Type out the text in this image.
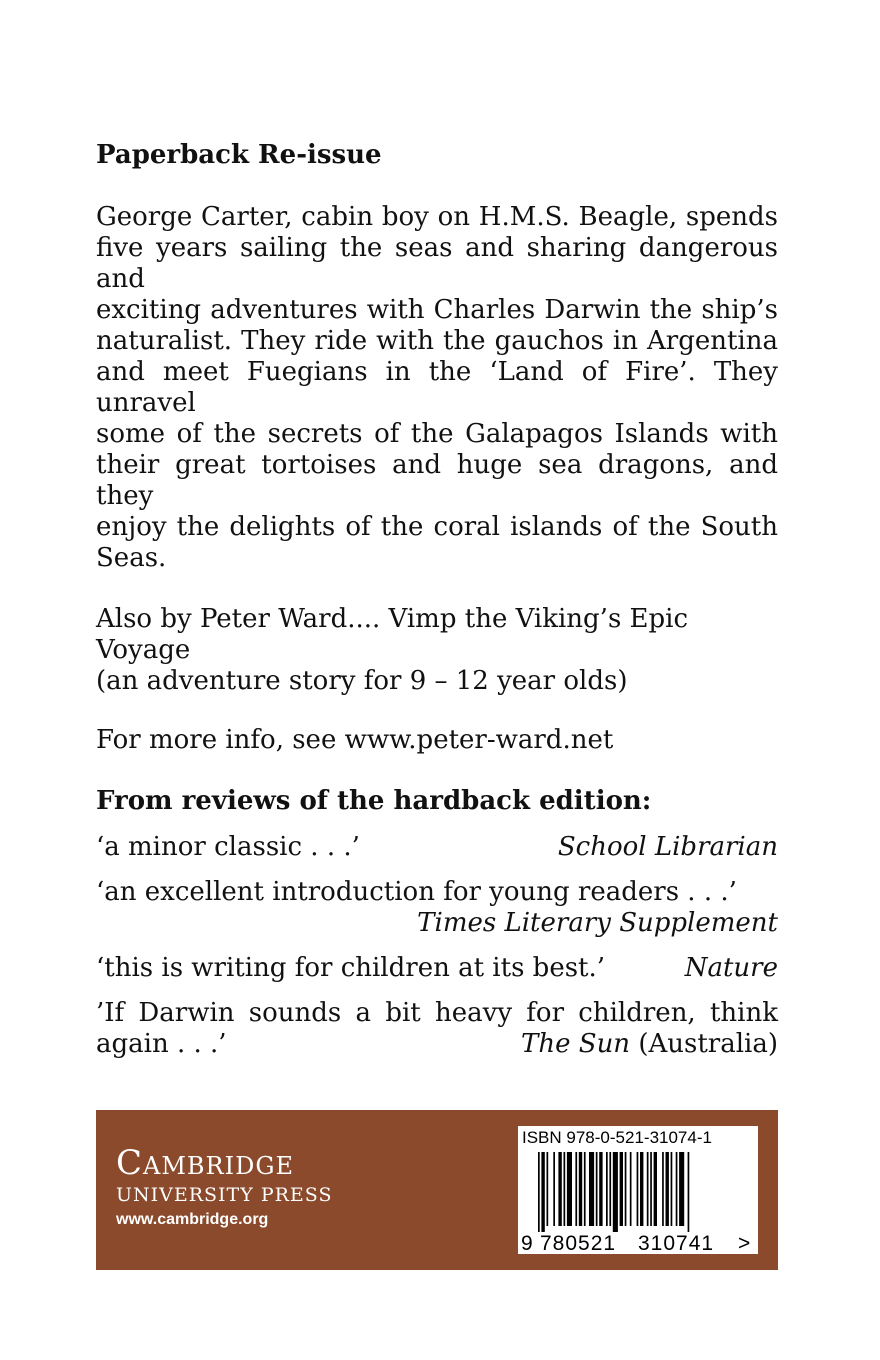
Paperback Re-issue

George Carter, cabin boy on H.M.S. Beagle, spends
five years sailing the seas and sharing dangerous and
exciting adventures with Charles Darwin the ship’s
naturalist. They ride with the gauchos in Argentina
and meet Fuegians in the ‘Land of Fire’. They unravel
some of the secrets of the Galapagos Islands with
their great tortoises and huge sea dragons, and they
enjoy the delights of the coral islands of the South
Seas.
Also by Peter Ward.... Vimp the Viking’s Epic Voyage
(an adventure story for 9 – 12 year olds)
For more info, see www.peter-ward.net
From reviews of the hardback edition:
‘a minor classic . . .’	School Librarian
‘an excellent introduction for young readers . . .’
Times Literary Supplement
‘this is writing for children at its best.’	Nature
’If Darwin sounds a bit heavy for children, think
again . . .’	The Sun (Australia)
Cambridge
UNIVERSITY PRESS
www.cambridge.org
ISBN 978-0-521-31074-1
9 780521 310741 >
